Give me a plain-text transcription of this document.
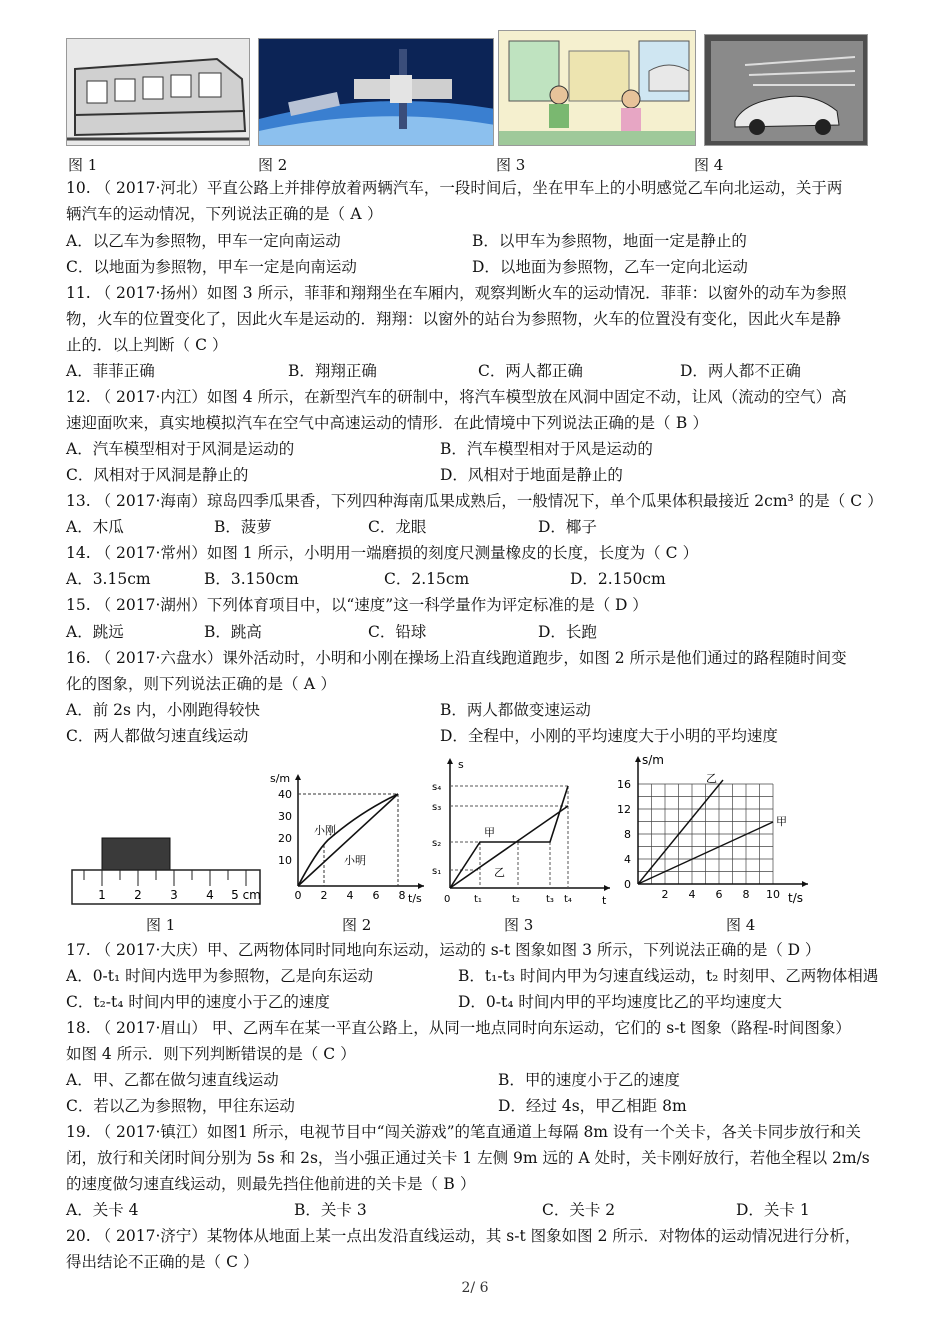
图 1	图 2	图 3	图 4
10. （ 2017·河北）平直公路上并排停放着两辆汽车，一段时间后，坐在甲车上的小明感觉乙车向北运动，关于两
辆汽车的运动情况，下列说法正确的是（ A ）
A．以乙车为参照物，甲车一定向南运动	B．以甲车为参照物，地面一定是静止的
C．以地面为参照物，甲车一定是向南运动	D．以地面为参照物，乙车一定向北运动
11. （ 2017·扬州）如图 3 所示，菲菲和翔翔坐在车厢内，观察判断火车的运动情况．菲菲：以窗外的动车为参照
物，火车的位置变化了，因此火车是运动的．翔翔：以窗外的站台为参照物，火车的位置没有变化，因此火车是静
止的．以上判断（ C ）
A．菲菲正确	B．翔翔正确	C．两人都正确	D．两人都不正确
12. （ 2017·内江）如图 4 所示，在新型汽车的研制中，将汽车模型放在风洞中固定不动，让风（流动的空气）高
速迎面吹来，真实地模拟汽车在空气中高速运动的情形．在此情境中下列说法正确的是（ B ）
A．汽车模型相对于风洞是运动的	B．汽车模型相对于风是运动的
C．风相对于风洞是静止的	D．风相对于地面是静止的
13. （ 2017·海南）琼岛四季瓜果香，下列四种海南瓜果成熟后，一般情况下，单个瓜果体积最接近 2cm³ 的是（ C ）
A．木瓜	B．菠萝	C．龙眼	D．椰子
14. （ 2017·常州）如图 1 所示，小明用一端磨损的刻度尺测量橡皮的长度，长度为（ C ）
A．3.15cm	B．3.150cm	C．2.15cm	D．2.150cm
15. （ 2017·湖州）下列体育项目中，以“速度”这一科学量作为评定标准的是（ D ）
A．跳远	B．跳高	C．铅球	D．长跑
16. （ 2017·六盘水）课外活动时，小明和小刚在操场上沿直线跑道跑步，如图 2 所示是他们通过的路程随时间变
化的图象，则下列说法正确的是（ A ）
A．前 2s 内，小刚跑得较快	B．两人都做变速运动
C．两人都做匀速直线运动	D．全程中，小刚的平均速度大于小明的平均速度
1 2 3 4 5 cm
s/m
t/s
10
20
30
40
0 2 4 6 8
小刚
小明
s
t
s₁
s₂
s₃
s₄
0 t₁	t₂	t₃ t₄
甲
乙
s/m
t/s
0
4
8
12
16
2 4 6 8 10
乙
甲
图 1	图 2	图 3	图 4
17. （ 2017·大庆）甲、乙两物体同时同地向东运动，运动的 s-t 图象如图 3 所示，下列说法正确的是（ D ）
A．0-t₁ 时间内选甲为参照物，乙是向东运动	B．t₁-t₃ 时间内甲为匀速直线运动，t₂ 时刻甲、乙两物体相遇
C．t₂-t₄ 时间内甲的速度小于乙的速度	D．0-t₄ 时间内甲的平均速度比乙的平均速度大
18. （ 2017·眉山） 甲、乙两车在某一平直公路上，从同一地点同时向东运动，它们的 s-t 图象（路程-时间图象）
如图 4 所示．则下列判断错误的是（ C ）
A．甲、乙都在做匀速直线运动	B．甲的速度小于乙的速度
C．若以乙为参照物，甲往东运动	D．经过 4s，甲乙相距 8m
19. （ 2017·镇江）如图1 所示，电视节目中“闯关游戏”的笔直通道上每隔 8m 设有一个关卡，各关卡同步放行和关
闭，放行和关闭时间分别为 5s 和 2s，当小强正通过关卡 1 左侧 9m 远的 A 处时，关卡刚好放行，若他全程以 2m/s
的速度做匀速直线运动，则最先挡住他前进的关卡是（ B ）
A．关卡 4	B．关卡 3	C．关卡 2	D．关卡 1
20. （ 2017·济宁）某物体从地面上某一点出发沿直线运动，其 s-t 图象如图 2 所示．对物体的运动情况进行分析，
得出结论不正确的是（ C ）
2/ 6
